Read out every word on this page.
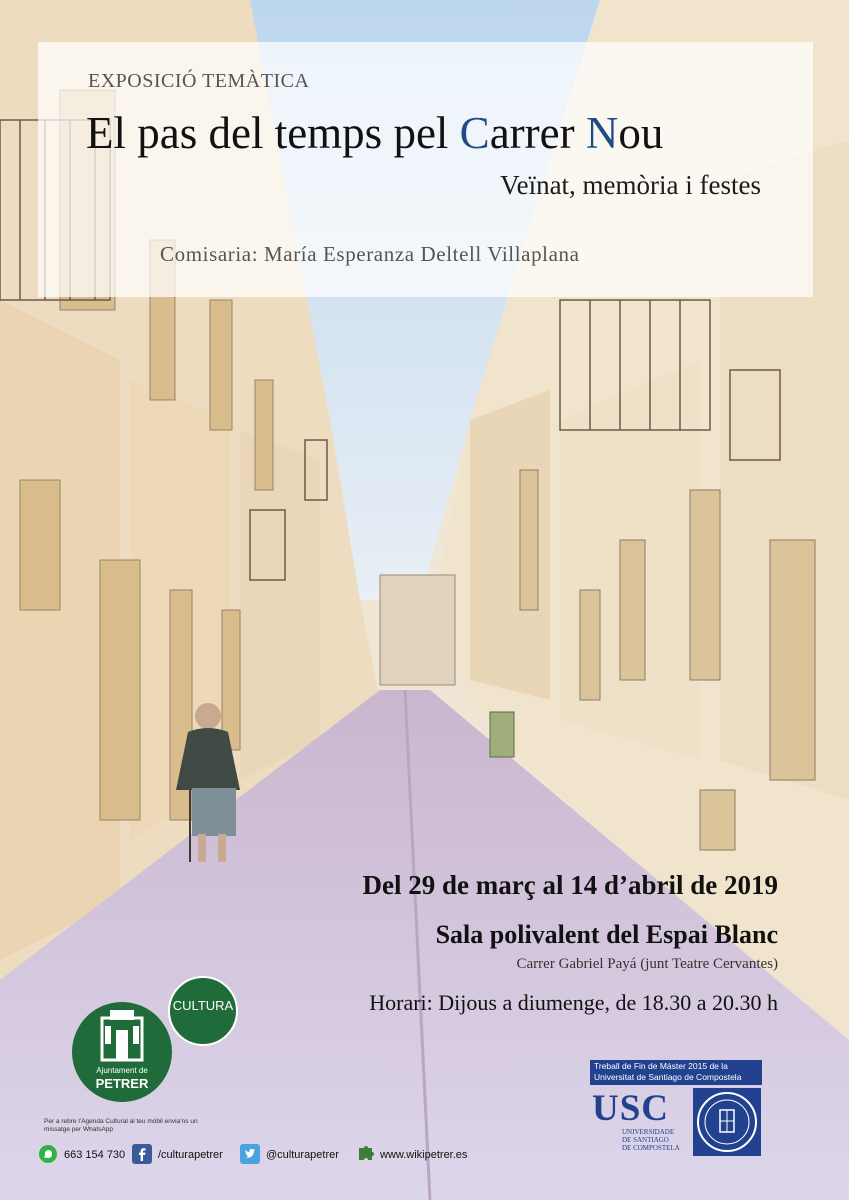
EXPOSICIÓ TEMÀTICA
El pas del temps pel Carrer Nou
Veïnat, memòria i festes
Comisaria: María Esperanza Deltell Villaplana
Del 29 de març al 14 d’abril de 2019
Sala polivalent del Espai Blanc
Carrer Gabriel Payá (junt Teatre Cervantes)
Horari: Dijous a diumenge, de 18.30 a 20.30 h
Ajuntament de
PETRER
CULTURA
Per a rebre l’Agenda Cultural al teu mòbil envia’ns un missatge per WhatsApp
663 154 730	/culturapetrer	@culturapetrer	www.wikipetrer.es
Treball de Fin de Máster 2015 de la Universitat de Santiago de Compostela
USC
UNIVERSIDADE
DE SANTIAGO
DE COMPOSTELA
